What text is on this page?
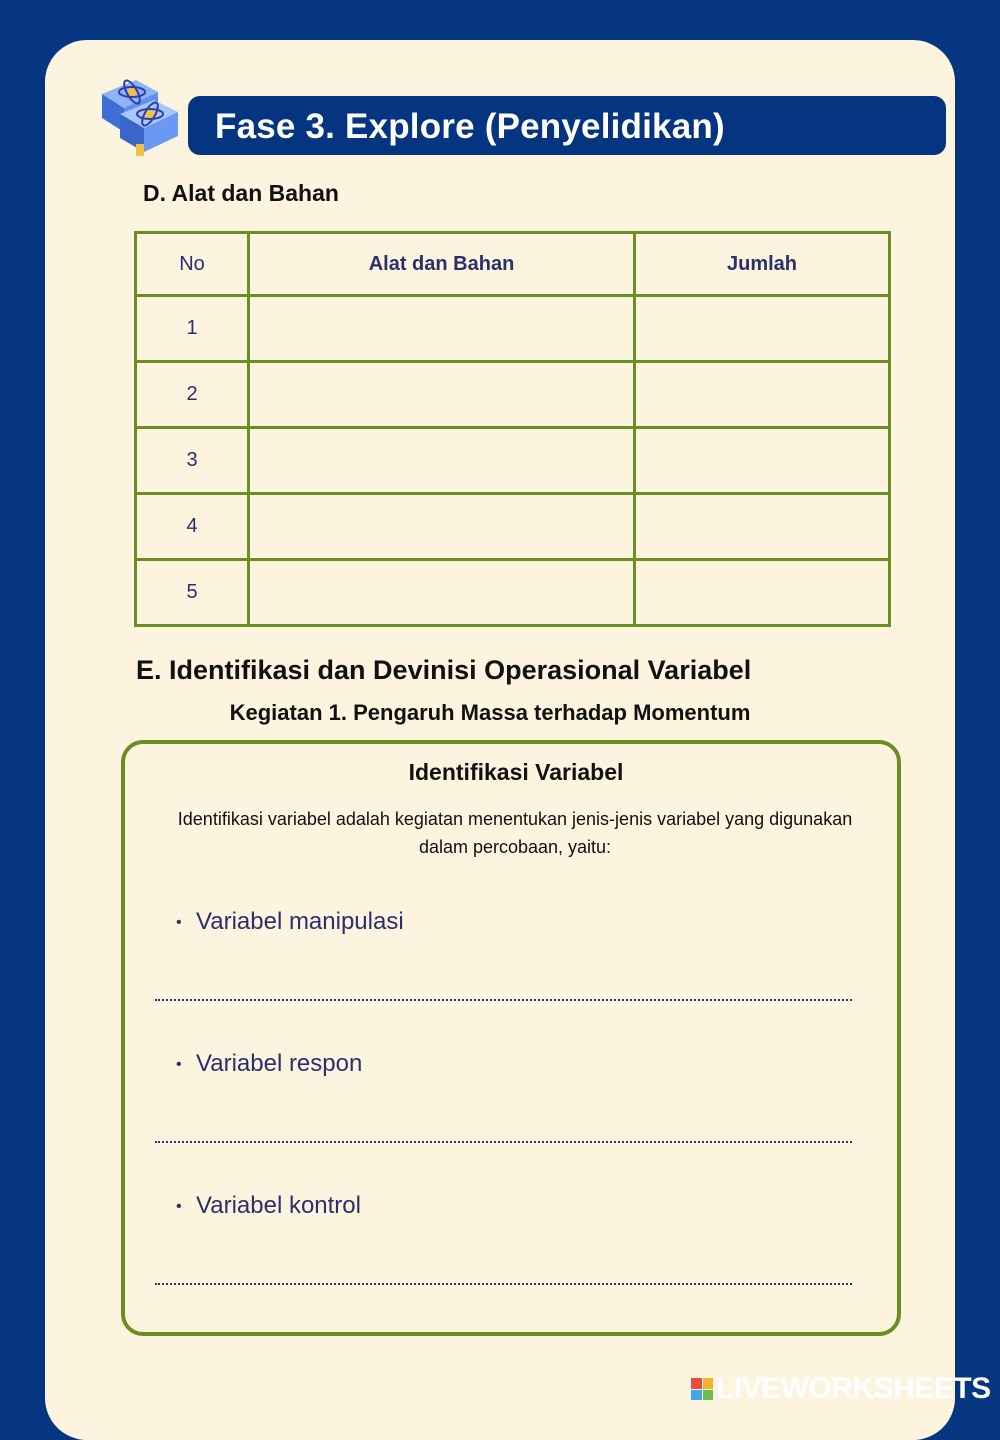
Fase 3. Explore (Penyelidikan)
D. Alat dan Bahan
No	Alat dan Bahan	Jumlah
1		
2		
3		
4		
5		
E. Identifikasi dan Devinisi Operasional Variabel
Kegiatan 1. Pengaruh Massa terhadap Momentum
Identifikasi Variabel
Identifikasi variabel adalah kegiatan menentukan jenis-jenis variabel yang digunakan dalam percobaan, yaitu:
• Variabel manipulasi
• Variabel respon
• Variabel kontrol
LIVEWORKSHEETS
